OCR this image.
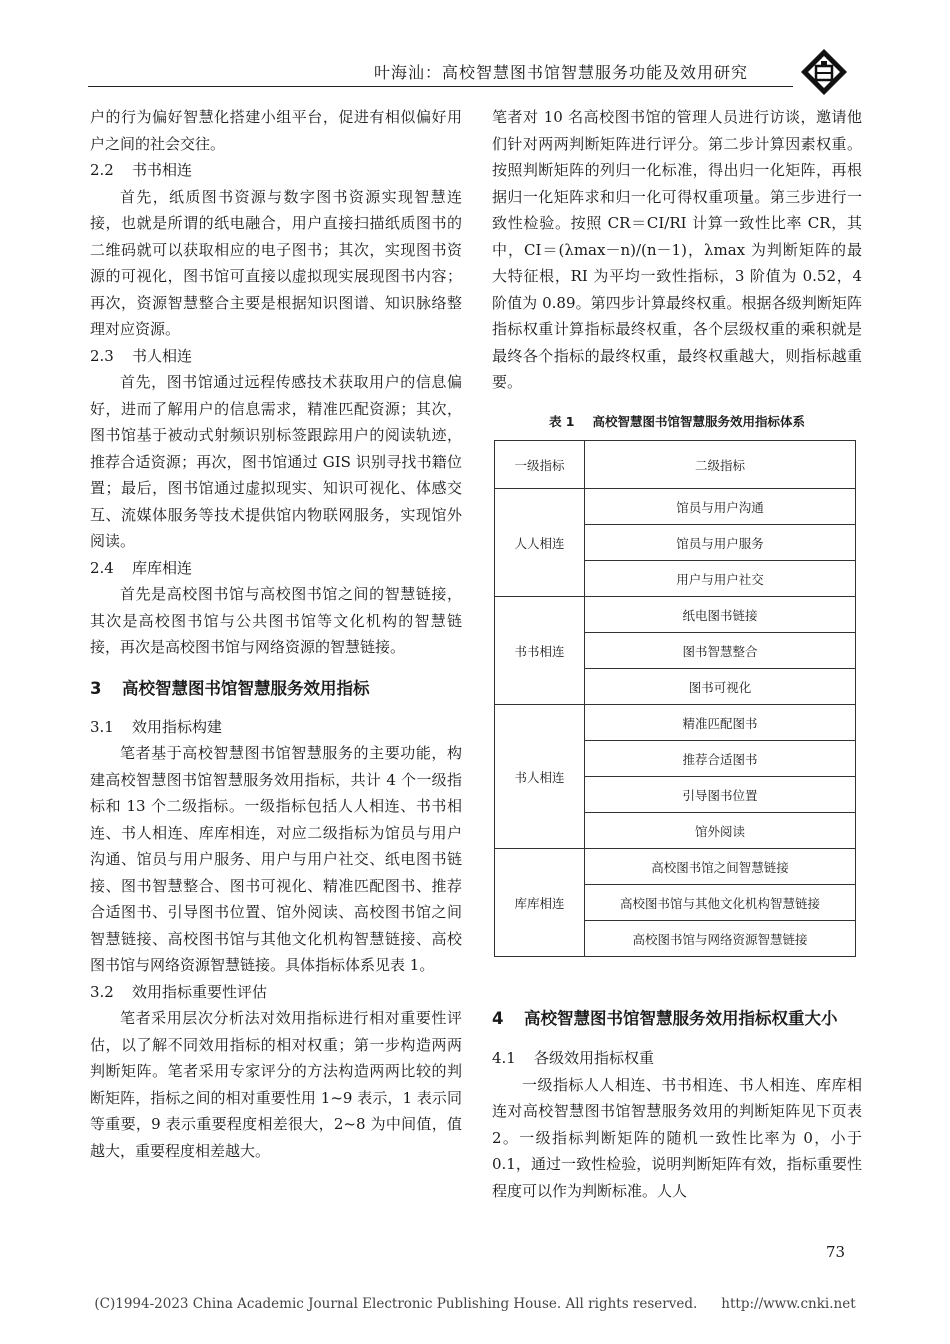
叶海汕：高校智慧图书馆智慧服务功能及效用研究

户的行为偏好智慧化搭建小组平台，促进有相似偏好用户之间的社会交往。

2.2 书书相连

首先，纸质图书资源与数字图书资源实现智慧连接，也就是所谓的纸电融合，用户直接扫描纸质图书的二维码就可以获取相应的电子图书；其次，实现图书资源的可视化，图书馆可直接以虚拟现实展现图书内容；再次，资源智慧整合主要是根据知识图谱、知识脉络整理对应资源。

2.3 书人相连

首先，图书馆通过远程传感技术获取用户的信息偏好，进而了解用户的信息需求，精准匹配资源；其次，图书馆基于被动式射频识别标签跟踪用户的阅读轨迹，推荐合适资源；再次，图书馆通过 GIS 识别寻找书籍位置；最后，图书馆通过虚拟现实、知识可视化、体感交互、流媒体服务等技术提供馆内物联网服务，实现馆外阅读。

2.4 库库相连

首先是高校图书馆与高校图书馆之间的智慧链接，其次是高校图书馆与公共图书馆等文化机构的智慧链接，再次是高校图书馆与网络资源的智慧链接。

3 高校智慧图书馆智慧服务效用指标
3.1 效用指标构建

笔者基于高校智慧图书馆智慧服务的主要功能，构建高校智慧图书馆智慧服务效用指标，共计 4 个一级指标和 13 个二级指标。一级指标包括人人相连、书书相连、书人相连、库库相连，对应二级指标为馆员与用户沟通、馆员与用户服务、用户与用户社交、纸电图书链接、图书智慧整合、图书可视化、精准匹配图书、推荐合适图书、引导图书位置、馆外阅读、高校图书馆之间智慧链接、高校图书馆与其他文化机构智慧链接、高校图书馆与网络资源智慧链接。具体指标体系见表 1。

3.2 效用指标重要性评估

笔者采用层次分析法对效用指标进行相对重要性评估，以了解不同效用指标的相对权重；第一步构造两两判断矩阵。笔者采用专家评分的方法构造两两比较的判断矩阵，指标之间的相对重要性用 1~9 表示，1 表示同等重要，9 表示重要程度相差很大，2~8 为中间值，值越大，重要程度相差越大。

笔者对 10 名高校图书馆的管理人员进行访谈，邀请他们针对两两判断矩阵进行评分。第二步计算因素权重。按照判断矩阵的列归一化标准，得出归一化矩阵，再根据归一化矩阵求和归一化可得权重项量。第三步进行一致性检验。按照 CR＝CI/RI 计算一致性比率 CR，其中，CI＝(λmax－n)/(n－1)，λmax 为判断矩阵的最大特征根，RI 为平均一致性指标，3 阶值为 0.52，4 阶值为 0.89。第四步计算最终权重。根据各级判断矩阵指标权重计算指标最终权重，各个层级权重的乘积就是最终各个指标的最终权重，最终权重越大，则指标越重要。

表 1 高校智慧图书馆智慧服务效用指标体系
一级指标	二级指标
人人相连	馆员与用户沟通
	馆员与用户服务
	用户与用户社交
书书相连	纸电图书链接
	图书智慧整合
	图书可视化
书人相连	精准匹配图书
	推荐合适图书
	引导图书位置
	馆外阅读
库库相连	高校图书馆之间智慧链接
	高校图书馆与其他文化机构智慧链接
	高校图书馆与网络资源智慧链接
4 高校智慧图书馆智慧服务效用指标权重大小
4.1 各级效用指标权重

一级指标人人相连、书书相连、书人相连、库库相连对高校智慧图书馆智慧服务效用的判断矩阵见下页表 2。一级指标判断矩阵的随机一致性比率为 0，小于 0.1，通过一致性检验，说明判断矩阵有效，指标重要性程度可以作为判断标准。人人

73
(C)1994-2023 China Academic Journal Electronic Publishing House. All rights reserved. http://www.cnki.net
